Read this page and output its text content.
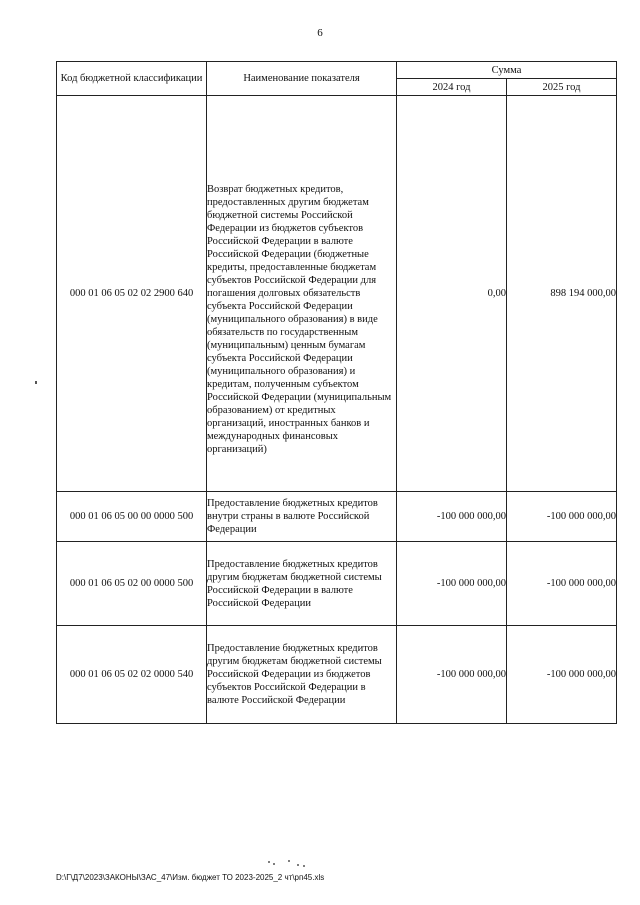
6
Код бюджетной классификации	Наименование показателя	Сумма	
		2024 год	2025 год
000 01 06 05 02 02 2900 640	Возврат бюджетных кредитов, предоставленных другим бюджетам бюджетной системы Российской Федерации из бюджетов субъектов Российской Федерации в валюте Российской Федерации (бюджетные кредиты, предоставленные бюджетам субъектов Российской Федерации для погашения долговых обязательств субъекта Российской Федерации (муниципального образования) в виде обязательств по государственным (муниципальным) ценным бумагам субъекта Российской Федерации (муниципального образования) и кредитам, полученным субъектом Российской Федерации (муниципальным образованием) от кредитных организаций, иностранных банков и международных финансовых организаций)	0,00	898 194 000,00
000 01 06 05 00 00 0000 500	Предоставление бюджетных кредитов внутри страны в валюте Российской Федерации	-100 000 000,00	-100 000 000,00
000 01 06 05 02 00 0000 500	Предоставление бюджетных кредитов другим бюджетам бюджетной системы Российской Федерации в валюте Российской Федерации	-100 000 000,00	-100 000 000,00
000 01 06 05 02 02 0000 540	Предоставление бюджетных кредитов другим бюджетам бюджетной системы Российской Федерации из бюджетов субъектов Российской Федерации в валюте Российской Федерации	-100 000 000,00	-100 000 000,00
D:\Г\Д7\2023\ЗАКОНЫ\ЗАС_47\Изм. бюджет ТО 2023-2025_2 чт\рп45.xls
